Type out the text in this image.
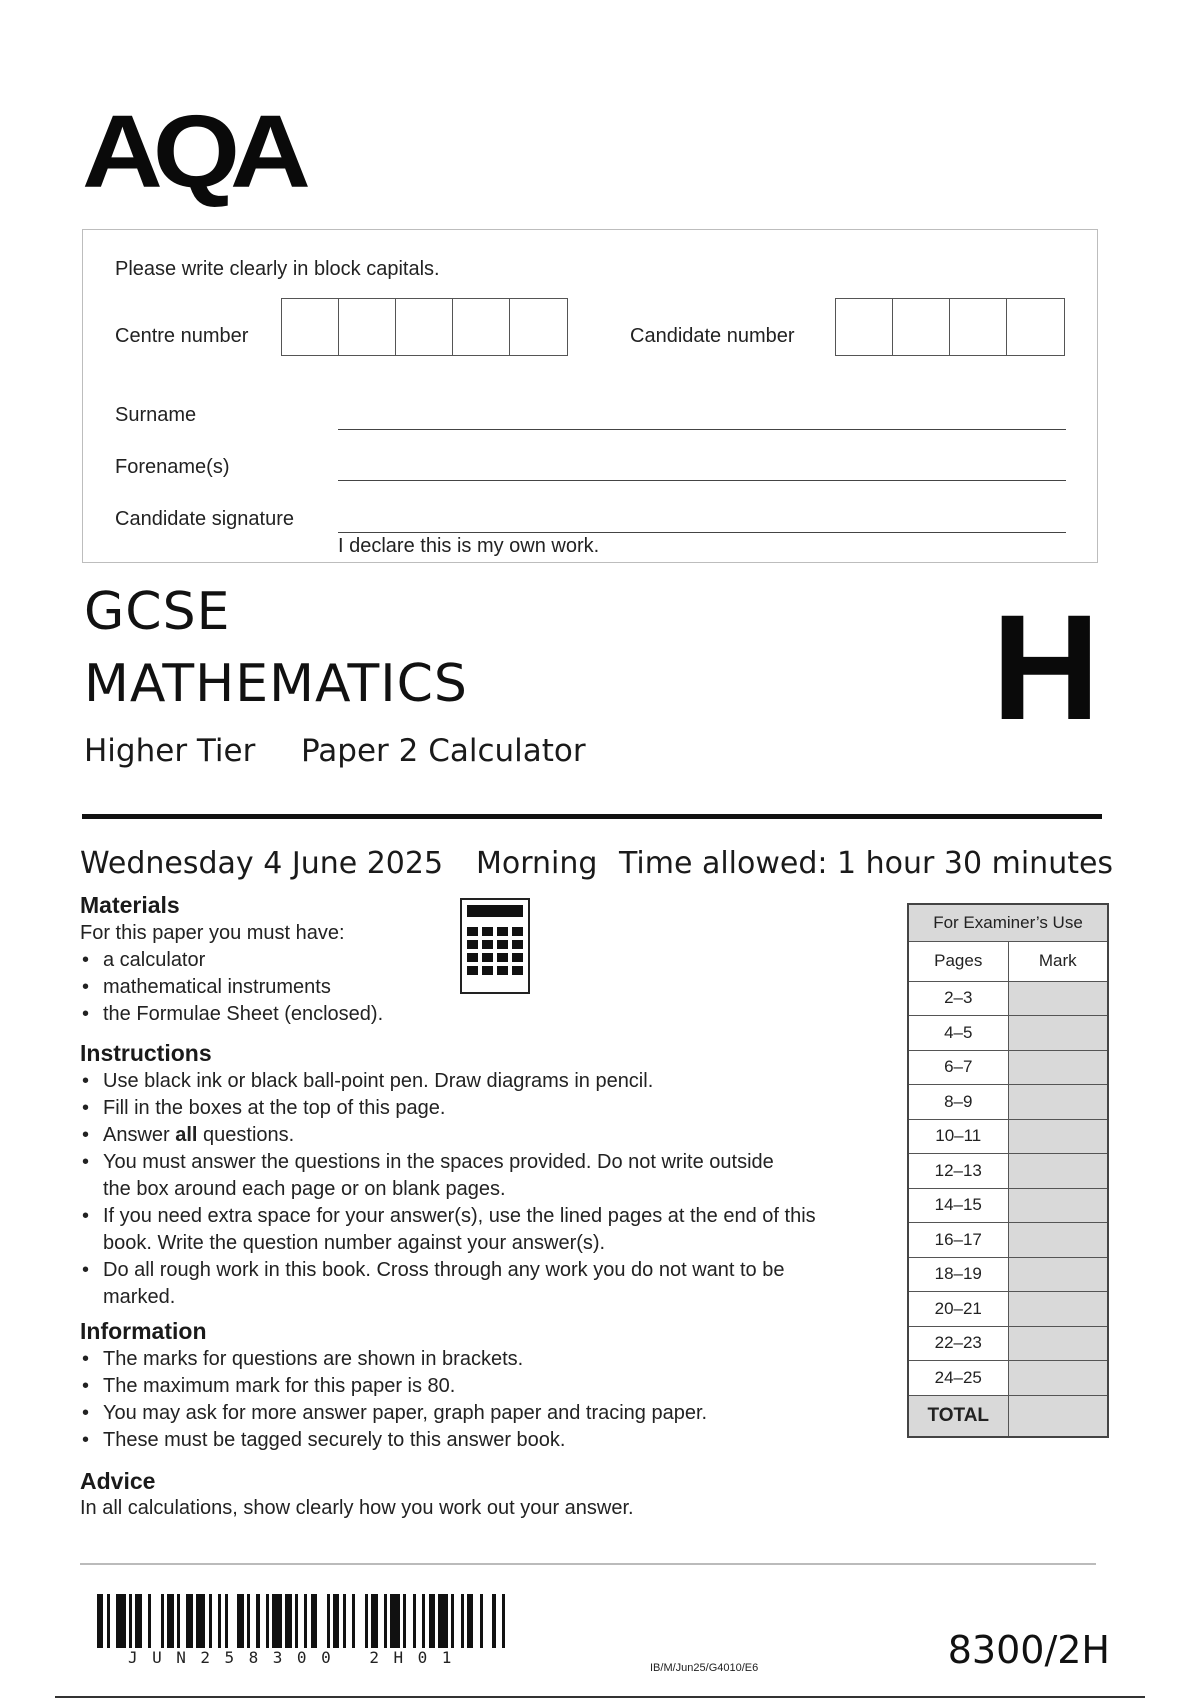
AQA
Please write clearly in block capitals.
Centre number	Candidate number
Surname
Forename(s)
Candidate signature
I declare this is my own work.
GCSE
MATHEMATICS	H
Higher Tier Paper 2 Calculator
Wednesday 4 June 2025 Morning Time allowed: 1 hour 30 minutes
Materials
For this paper you must have:
• a calculator
• mathematical instruments
• the Formulae Sheet (enclosed).
Instructions
• Use black ink or black ball-point pen. Draw diagrams in pencil.
• Fill in the boxes at the top of this page.
• Answer all questions.
• You must answer the questions in the spaces provided. Do not write outside the box around each page or on blank pages.
• If you need extra space for your answer(s), use the lined pages at the end of this book. Write the question number against your answer(s).
• Do all rough work in this book. Cross through any work you do not want to be marked.
Information
• The marks for questions are shown in brackets.
• The maximum mark for this paper is 80.
• You may ask for more answer paper, graph paper and tracing paper.
• These must be tagged securely to this answer book.
Advice
In all calculations, show clearly how you work out your answer.
For Examiner’s Use	
Pages	Mark
2–3	
4–5	
6–7	
8–9	
10–11	
12–13	
14–15	
16–17	
18–19	
20–21	
22–23	
24–25	
TOTAL	
JUN258300 2H01
IB/M/Jun25/G4010/E6	8300/2H
